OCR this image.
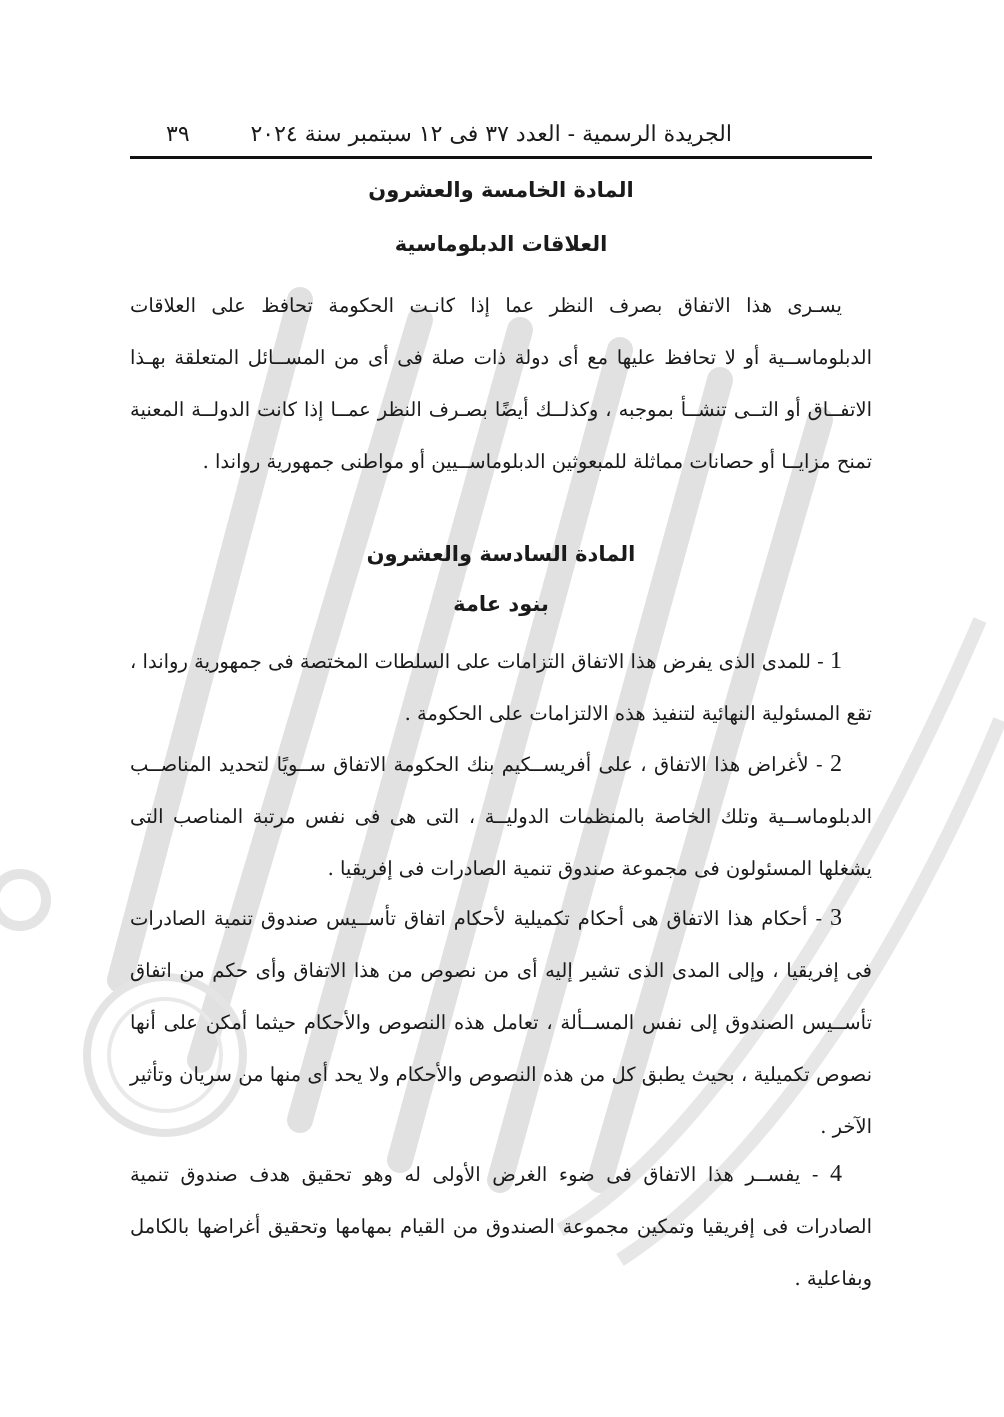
الجريدة الرسمية - العدد ٣٧ فى ١٢ سبتمبر سنة ٢٠٢٤
٣٩
المادة الخامسة والعشرون
العلاقات الدبلوماسية
يسـرى هذا الاتفاق بصرف النظر عما إذا كانـت الحكومة تحافظ على العلاقات الدبلوماســية أو لا تحافظ عليها مع أى دولة ذات صلة فى أى من المســائل المتعلقة بهـذا الاتفــاق أو التــى تنشــأ بموجبه ، وكذلــك أيضًا بصـرف النظر عمــا إذا كانت الدولــة المعنية تمنح مزايــا أو حصانات مماثلة للمبعوثين الدبلوماســيين أو مواطنى جمهورية رواندا .
المادة السادسة والعشرون
بنود عامة
1 - للمدى الذى يفرض هذا الاتفاق التزامات على السلطات المختصة فى جمهورية رواندا ، تقع المسئولية النهائية لتنفيذ هذه الالتزامات على الحكومة .
2 - لأغراض هذا الاتفاق ، على أفريســكيم بنك الحكومة الاتفاق ســويًا لتحديد المناصــب الدبلوماســية وتلك الخاصة بالمنظمات الدوليــة ، التى هى فى نفس مرتبة المناصب التى يشغلها المسئولون فى مجموعة صندوق تنمية الصادرات فى إفريقيا .
3 - أحكام هذا الاتفاق هى أحكام تكميلية لأحكام اتفاق تأســيس صندوق تنمية الصادرات فى إفريقيا ، وإلى المدى الذى تشير إليه أى من نصوص من هذا الاتفاق وأى حكم من اتفاق تأســيس الصندوق إلى نفس المســألة ، تعامل هذه النصوص والأحكام حيثما أمكن على أنها نصوص تكميلية ، بحيث يطبق كل من هذه النصوص والأحكام ولا يحد أى منها من سريان وتأثير الآخر .
4 - يفســر هذا الاتفاق فى ضوء الغرض الأولى له وهو تحقيق هدف صندوق تنمية الصادرات فى إفريقيا وتمكين مجموعة الصندوق من القيام بمهامها وتحقيق أغراضها بالكامل وبفاعلية .
